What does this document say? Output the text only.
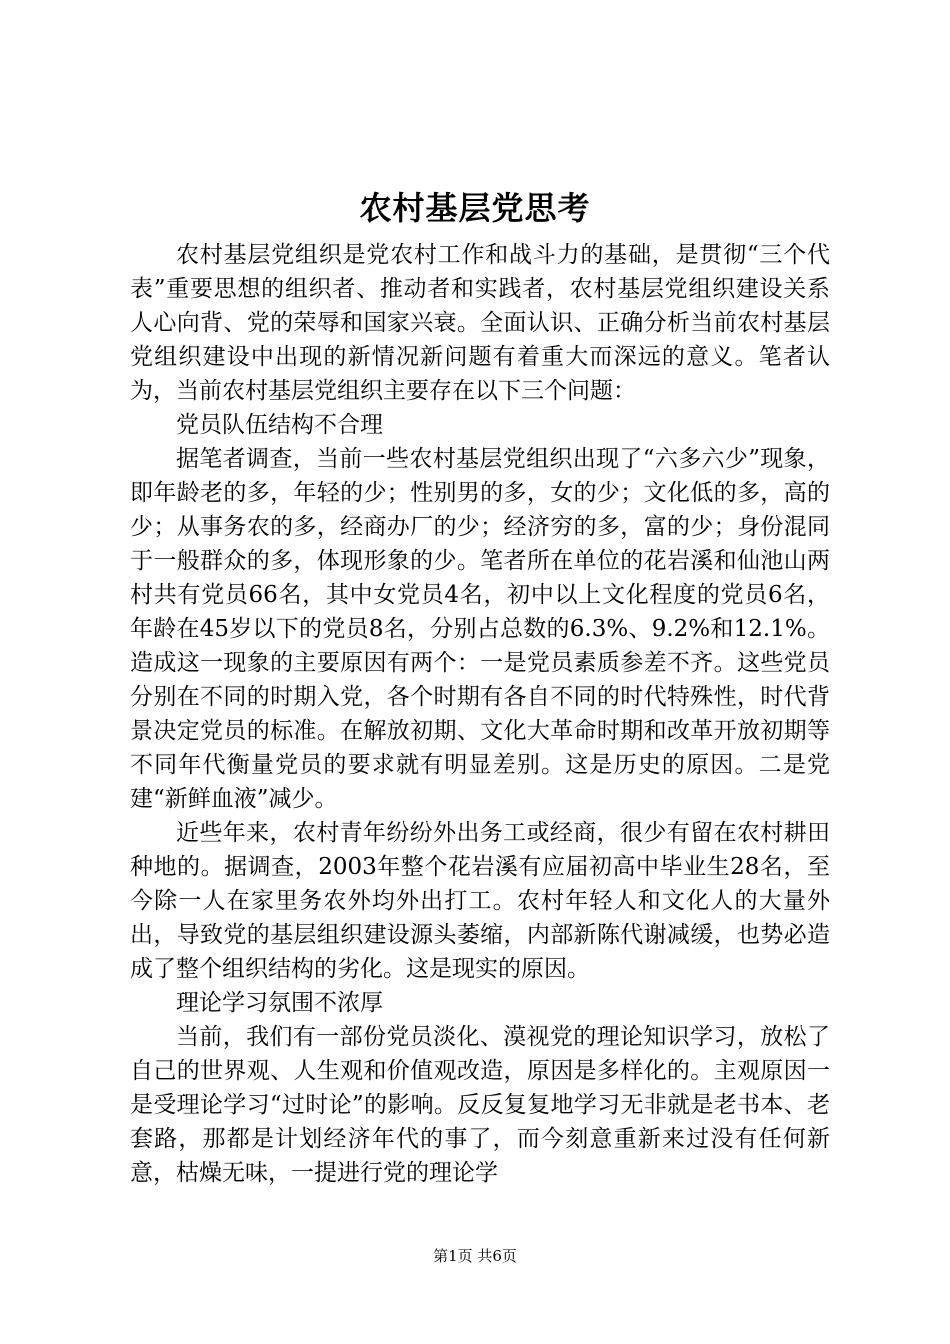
农村基层党思考

农村基层党组织是党农村工作和战斗力的基础，是贯彻“三个代表”重要思想的组织者、推动者和实践者，农村基层党组织建设关系人心向背、党的荣辱和国家兴衰。全面认识、正确分析当前农村基层党组织建设中出现的新情况新问题有着重大而深远的意义。笔者认为，当前农村基层党组织主要存在以下三个问题：

党员队伍结构不合理

据笔者调查，当前一些农村基层党组织出现了“六多六少”现象，即年龄老的多，年轻的少；性别男的多，女的少；文化低的多，高的少；从事务农的多，经商办厂的少；经济穷的多，富的少；身份混同于一般群众的多，体现形象的少。笔者所在单位的花岩溪和仙池山两村共有党员66名，其中女党员4名，初中以上文化程度的党员6名，年龄在45岁以下的党员8名，分别占总数的6.3%、9.2%和12.1%。造成这一现象的主要原因有两个：一是党员素质参差不齐。这些党员分别在不同的时期入党，各个时期有各自不同的时代特殊性，时代背景决定党员的标准。在解放初期、文化大革命时期和改革开放初期等不同年代衡量党员的要求就有明显差别。这是历史的原因。二是党建“新鲜血液”减少。

近些年来，农村青年纷纷外出务工或经商，很少有留在农村耕田种地的。据调查，2003年整个花岩溪有应届初高中毕业生28名，至今除一人在家里务农外均外出打工。农村年轻人和文化人的大量外出，导致党的基层组织建设源头萎缩，内部新陈代谢减缓，也势必造成了整个组织结构的劣化。这是现实的原因。

理论学习氛围不浓厚

当前，我们有一部份党员淡化、漠视党的理论知识学习，放松了自己的世界观、人生观和价值观改造，原因是多样化的。主观原因一是受理论学习“过时论”的影响。反反复复地学习无非就是老书本、老套路，那都是计划经济年代的事了，而今刻意重新来过没有任何新意，枯燥无味，一提进行党的理论学

第1页 共6页
